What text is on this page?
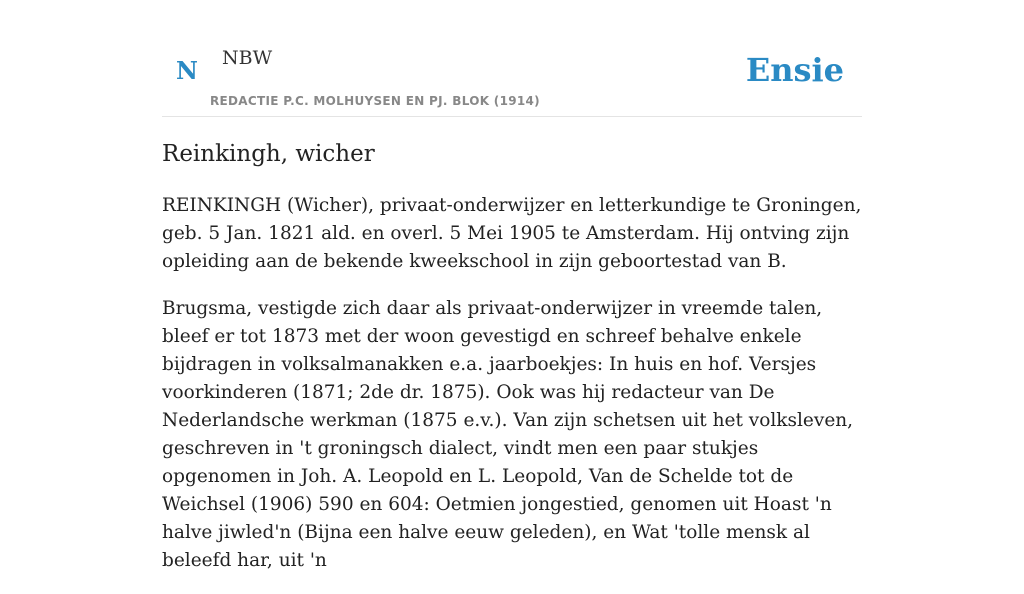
N NBW
REDACTIE P.C. MOLHUYSEN EN PJ. BLOK (1914)
Ensie
Reinkingh, wicher

REINKINGH (Wicher), privaat-onderwijzer en letterkundige te Groningen, geb. 5 Jan. 1821 ald. en overl. 5 Mei 1905 te Amsterdam. Hij ontving zijn opleiding aan de bekende kweekschool in zijn geboortestad van B.

Brugsma, vestigde zich daar als privaat-onderwijzer in vreemde talen, bleef er tot 1873 met der woon gevestigd en schreef behalve enkele bijdragen in volksalmanakken e.a. jaarboekjes: In huis en hof. Versjes voorkinderen (1871; 2de dr. 1875). Ook was hij redacteur van De Nederlandsche werkman (1875 e.v.). Van zijn schetsen uit het volksleven, geschreven in 't groningsch dialect, vindt men een paar stukjes opgenomen in Joh. A. Leopold en L. Leopold, Van de Schelde tot de Weichsel (1906) 590 en 604: Oetmien jongestied, genomen uit Hoast 'n halve jiwled'n (Bijna een halve eeuw geleden), en Wat 'tolle mensk al beleefd har, uit 'n
